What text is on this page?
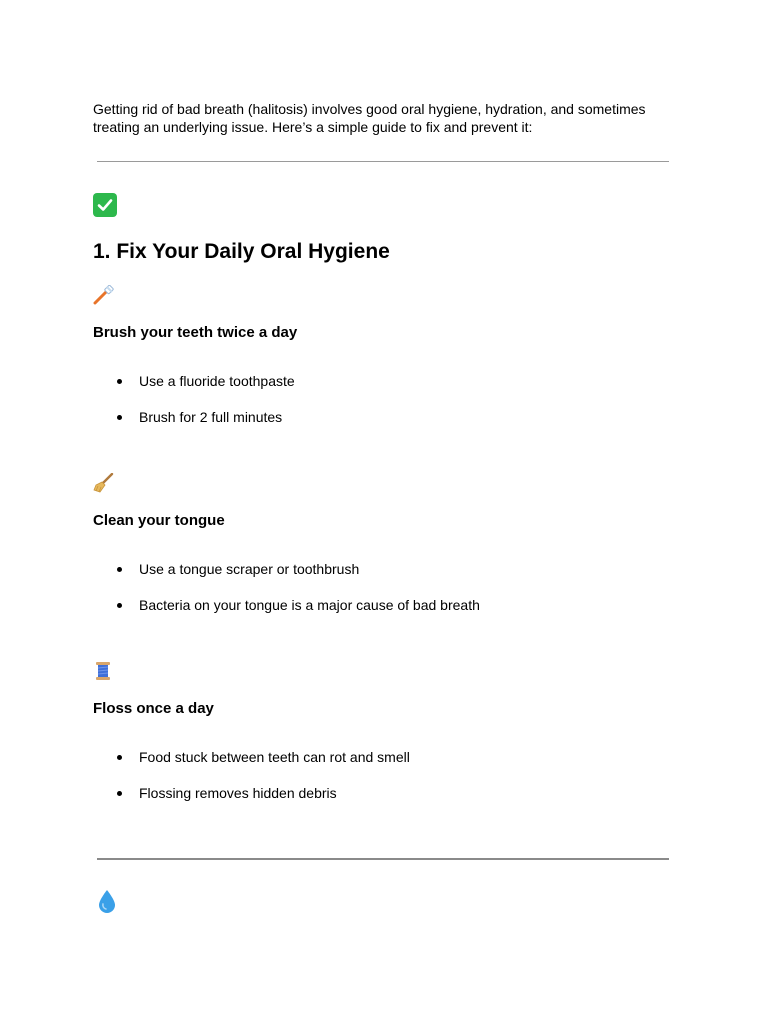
Getting rid of bad breath (halitosis) involves good oral hygiene, hydration, and sometimes treating an underlying issue. Here’s a simple guide to fix and prevent it:

1. Fix Your Daily Oral Hygiene
Brush your teeth twice a day
Use a fluoride toothpaste
Brush for 2 full minutes
Clean your tongue
Use a tongue scraper or toothbrush
Bacteria on your tongue is a major cause of bad breath
Floss once a day
Food stuck between teeth can rot and smell
Flossing removes hidden debris
